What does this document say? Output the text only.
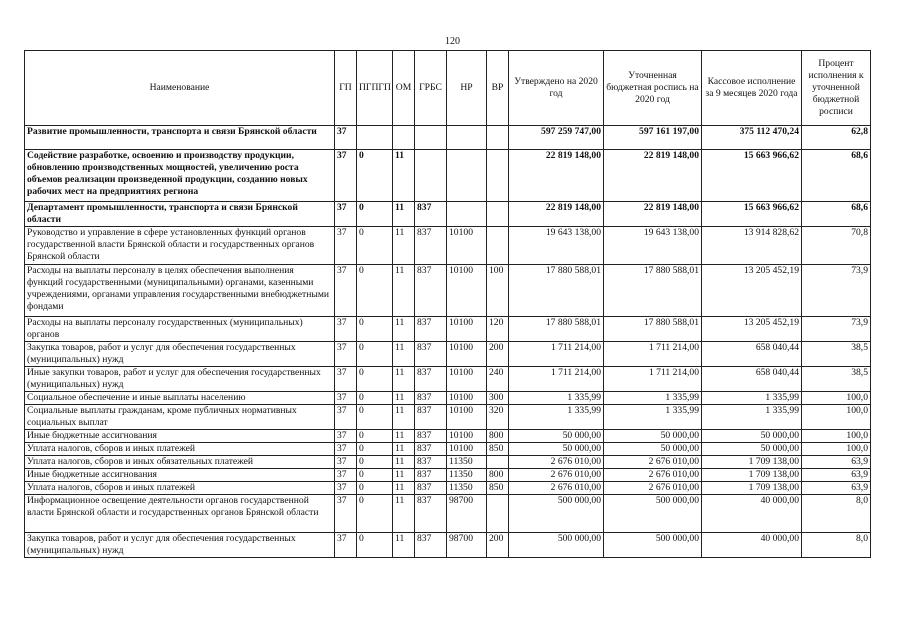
120
Наименование	ГП	ПГПГП	ОМ	ГРБС	НР	ВР	Утверждено на 2020 год	Уточненная бюджетная роспись на 2020 год	Кассовое исполнение за 9 месяцев 2020 года	Процент исполнения к уточненной бюджетной росписи
Развитие промышленности, транспорта и связи Брянской области	37						597 259 747,00	597 161 197,00	375 112 470,24	62,8
Содействие разработке, освоению и производству продукции, обновлению производственных мощностей, увеличению роста объемов реализации произведенной продукции, созданию новых рабочих мест на предприятиях региона	37	0	11				22 819 148,00	22 819 148,00	15 663 966,62	68,6
Департамент промышленности, транспорта и связи Брянской области	37	0	11	837			22 819 148,00	22 819 148,00	15 663 966,62	68,6
Руководство и управление в сфере установленных функций органов государственной власти Брянской области и государственных органов Брянской области	37	0	11	837	10100		19 643 138,00	19 643 138,00	13 914 828,62	70,8
Расходы на выплаты персоналу в целях обеспечения выполнения функций государственными (муниципальными) органами, казенными учреждениями, органами управления государственными внебюджетными фондами	37	0	11	837	10100	100	17 880 588,01	17 880 588,01	13 205 452,19	73,9
Расходы на выплаты персоналу государственных (муниципальных) органов	37	0	11	837	10100	120	17 880 588,01	17 880 588,01	13 205 452,19	73,9
Закупка товаров, работ и услуг для обеспечения государственных (муниципальных) нужд	37	0	11	837	10100	200	1 711 214,00	1 711 214,00	658 040,44	38,5
Иные закупки товаров, работ и услуг для обеспечения государственных (муниципальных) нужд	37	0	11	837	10100	240	1 711 214,00	1 711 214,00	658 040,44	38,5
Социальное обеспечение и иные выплаты населению	37	0	11	837	10100	300	1 335,99	1 335,99	1 335,99	100,0
Социальные выплаты гражданам, кроме публичных нормативных социальных выплат	37	0	11	837	10100	320	1 335,99	1 335,99	1 335,99	100,0
Иные бюджетные ассигнования	37	0	11	837	10100	800	50 000,00	50 000,00	50 000,00	100,0
Уплата налогов, сборов и иных платежей	37	0	11	837	10100	850	50 000,00	50 000,00	50 000,00	100,0
Уплата налогов, сборов и иных обязательных платежей	37	0	11	837	11350		2 676 010,00	2 676 010,00	1 709 138,00	63,9
Иные бюджетные ассигнования	37	0	11	837	11350	800	2 676 010,00	2 676 010,00	1 709 138,00	63,9
Уплата налогов, сборов и иных платежей	37	0	11	837	11350	850	2 676 010,00	2 676 010,00	1 709 138,00	63,9
Информационное освещение деятельности органов государственной власти Брянской области и государственных органов Брянской области	37	0	11	837	98700		500 000,00	500 000,00	40 000,00	8,0
Закупка товаров, работ и услуг для обеспечения государственных (муниципальных) нужд	37	0	11	837	98700	200	500 000,00	500 000,00	40 000,00	8,0
